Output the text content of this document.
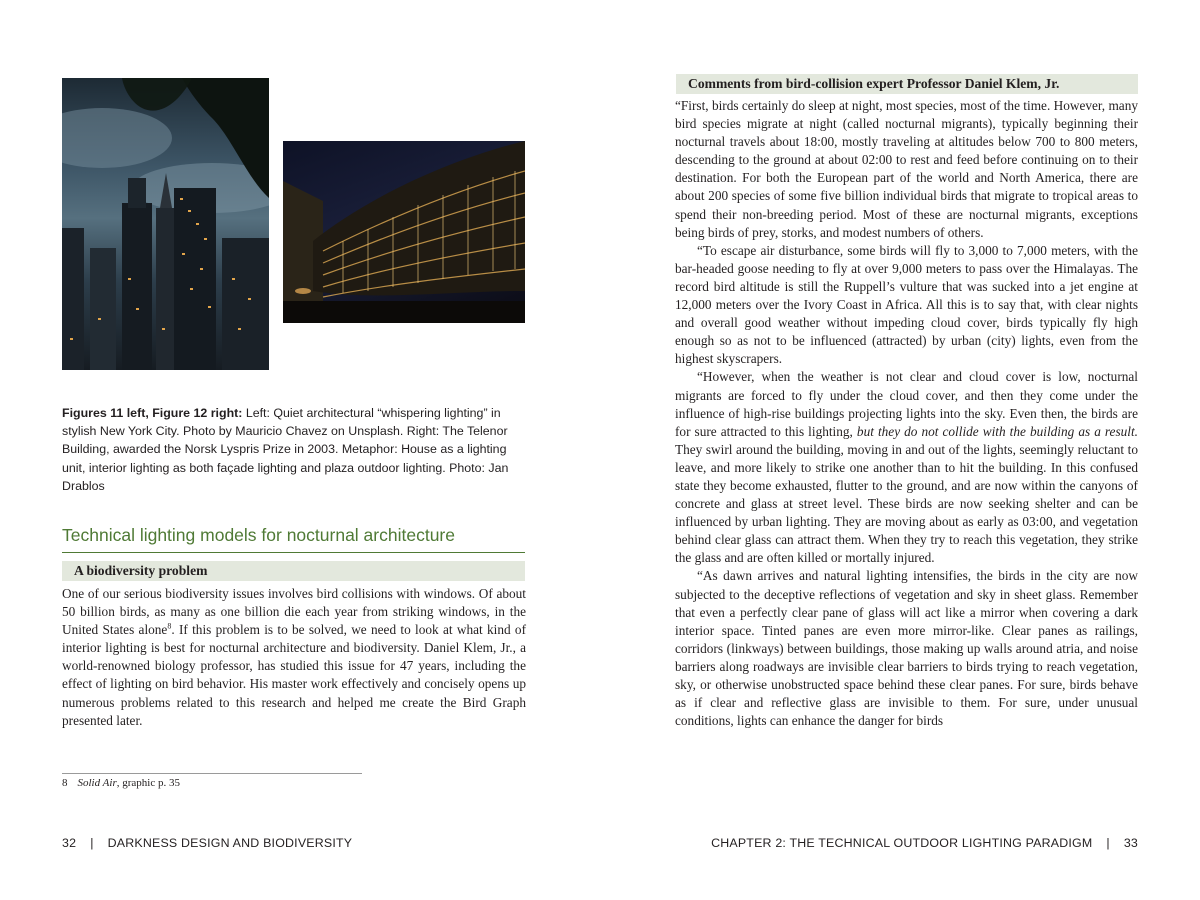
Figures 11 left, Figure 12 right: Left: Quiet architectural “whispering lighting” in stylish New York City. Photo by Mauricio Chavez on Unsplash. Right: The Telenor Building, awarded the Norsk Lyspris Prize in 2003. Metaphor: House as a lighting unit, interior lighting as both façade lighting and plaza outdoor lighting. Photo: Jan Drablos
Technical lighting models for nocturnal architecture
A biodiversity problem

One of our serious biodiversity issues involves bird collisions with windows. Of about 50 billion birds, as many as one billion die each year from striking windows, in the United States alone$^8$. If this problem is to be solved, we need to look at what kind of interior lighting is best for nocturnal architecture and biodiversity. Daniel Klem, Jr., a world-renowned biology professor, has studied this issue for 47 years, including the effect of lighting on bird behavior. His master work effectively and concisely opens up numerous problems related to this research and helped me create the Bird Graph presented later.

8 Solid Air, graphic p. 35
32 | DARKNESS DESIGN AND BIODIVERSITY
Comments from bird-collision expert Professor Daniel Klem, Jr.

“First, birds certainly do sleep at night, most species, most of the time. However, many bird species migrate at night (called nocturnal migrants), typically beginning their nocturnal travels about 18:00, mostly traveling at altitudes below 700 to 800 meters, descending to the ground at about 02:00 to rest and feed before continuing on to their destination. For both the European part of the world and North America, there are about 200 species of some five billion individual birds that migrate to tropical areas to spend their non-breeding period. Most of these are nocturnal migrants, exceptions being birds of prey, storks, and modest numbers of others.

“To escape air disturbance, some birds will fly to 3,000 to 7,000 meters, with the bar-headed goose needing to fly at over 9,000 meters to pass over the Himalayas. The record bird altitude is still the Ruppell’s vulture that was sucked into a jet engine at 12,000 meters over the Ivory Coast in Africa. All this is to say that, with clear nights and overall good weather without impeding cloud cover, birds typically fly high enough so as not to be influenced (attracted) by urban (city) lights, even from the highest skyscrapers.

“However, when the weather is not clear and cloud cover is low, nocturnal migrants are forced to fly under the cloud cover, and then they come under the influence of high-rise buildings projecting lights into the sky. Even then, the birds are for sure attracted to this lighting, but they do not collide with the building as a result. They swirl around the building, moving in and out of the lights, seemingly reluctant to leave, and more likely to strike one another than to hit the building. In this confused state they become exhausted, flutter to the ground, and are now within the canyons of concrete and glass at street level. These birds are now seeking shelter and can be influenced by urban lighting. They are moving about as early as 03:00, and vegetation behind clear glass can attract them. When they try to reach this vegetation, they strike the glass and are often killed or mortally injured.

“As dawn arrives and natural lighting intensifies, the birds in the city are now subjected to the deceptive reflections of vegetation and sky in sheet glass. Remember that even a perfectly clear pane of glass will act like a mirror when covering a dark interior space. Tinted panes are even more mirror-like. Clear panes as railings, corridors (linkways) between buildings, those making up walls around atria, and noise barriers along roadways are invisible clear barriers to birds trying to reach vegetation, sky, or otherwise unobstructed space behind these clear panes. For sure, birds behave as if clear and reflective glass are invisible to them. For sure, under unusual conditions, lights can enhance the danger for birds

CHAPTER 2: THE TECHNICAL OUTDOOR LIGHTING PARADIGM | 33
